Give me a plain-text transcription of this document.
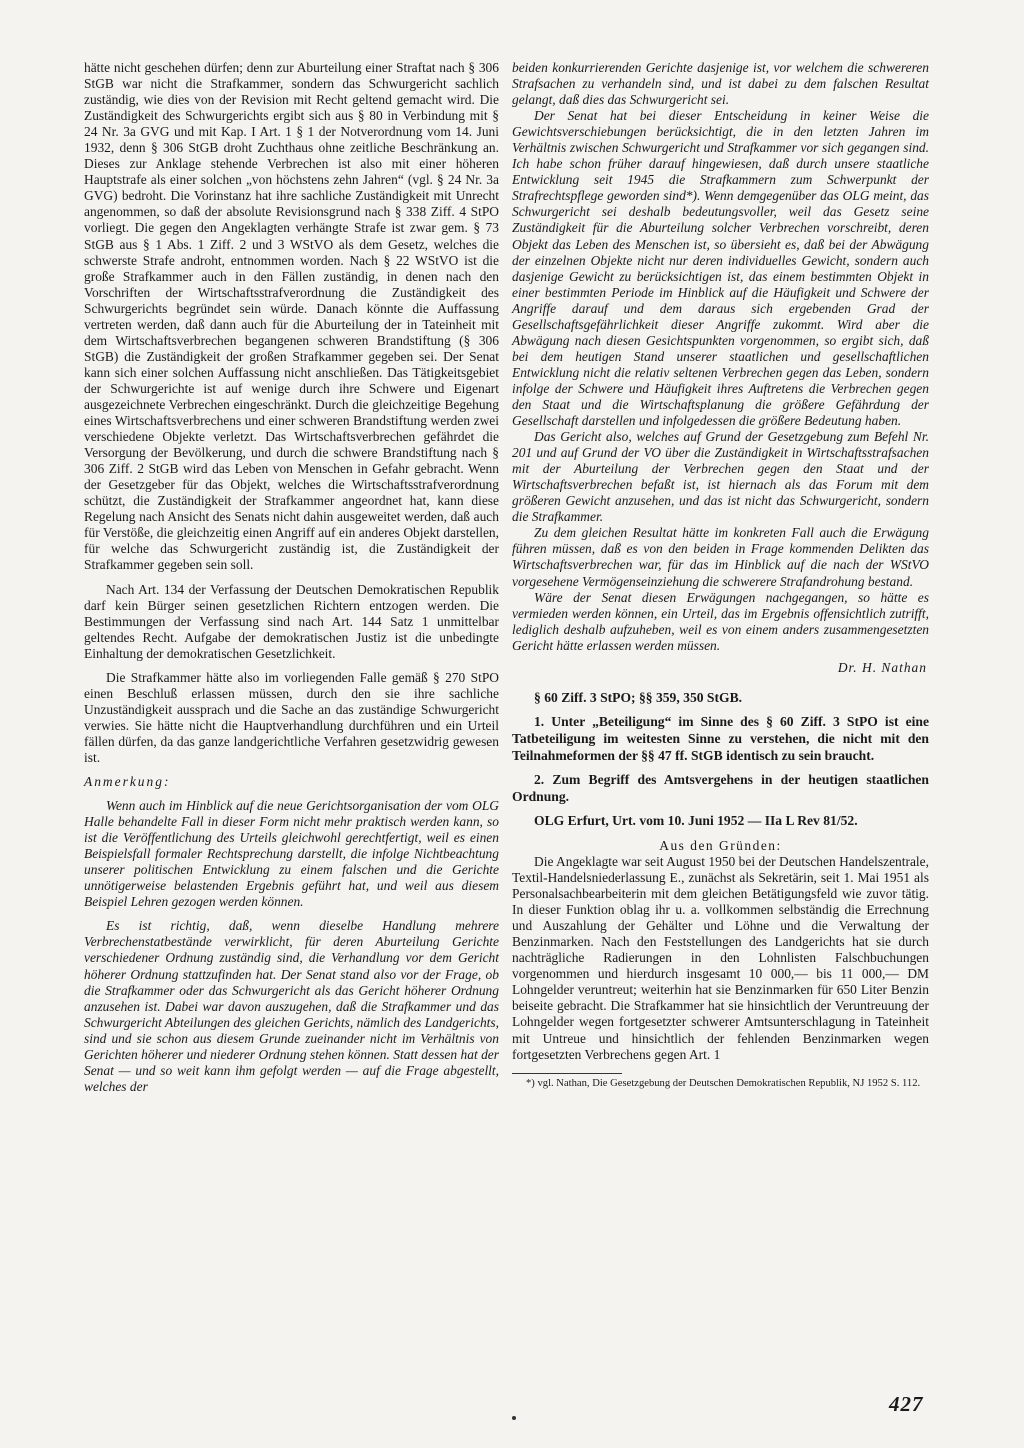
hätte nicht geschehen dürfen; denn zur Aburteilung einer Straftat nach § 306 StGB war nicht die Strafkammer, sondern das Schwurgericht sachlich zuständig, wie dies von der Revision mit Recht geltend gemacht wird. Die Zuständigkeit des Schwurgerichts ergibt sich aus § 80 in Verbindung mit § 24 Nr. 3a GVG und mit Kap. I Art. 1 § 1 der Notverordnung vom 14. Juni 1932, denn § 306 StGB droht Zuchthaus ohne zeitliche Beschränkung an. Dieses zur Anklage stehende Verbrechen ist also mit einer höheren Hauptstrafe als einer solchen „von höchstens zehn Jahren“ (vgl. § 24 Nr. 3a GVG) bedroht. Die Vorinstanz hat ihre sachliche Zuständigkeit mit Unrecht angenommen, so daß der absolute Revisionsgrund nach § 338 Ziff. 4 StPO vorliegt. Die gegen den Angeklagten verhängte Strafe ist zwar gem. § 73 StGB aus § 1 Abs. 1 Ziff. 2 und 3 WStVO als dem Gesetz, welches die schwerste Strafe androht, entnommen worden. Nach § 22 WStVO ist die große Strafkammer auch in den Fällen zuständig, in denen nach den Vorschriften der Wirtschaftsstrafverordnung die Zuständigkeit des Schwurgerichts begründet sein würde. Danach könnte die Auffassung vertreten werden, daß dann auch für die Aburteilung der in Tateinheit mit dem Wirtschaftsverbrechen begangenen schweren Brandstiftung (§ 306 StGB) die Zuständigkeit der großen Strafkammer gegeben sei. Der Senat kann sich einer solchen Auffassung nicht anschließen. Das Tätigkeitsgebiet der Schwurgerichte ist auf wenige durch ihre Schwere und Eigenart ausgezeichnete Verbrechen eingeschränkt. Durch die gleichzeitige Begehung eines Wirtschaftsverbrechens und einer schweren Brandstiftung werden zwei verschiedene Objekte verletzt. Das Wirtschaftsverbrechen gefährdet die Versorgung der Bevölkerung, und durch die schwere Brandstiftung nach § 306 Ziff. 2 StGB wird das Leben von Menschen in Gefahr gebracht. Wenn der Gesetzgeber für das Objekt, welches die Wirtschaftsstrafverordnung schützt, die Zuständigkeit der Strafkammer angeordnet hat, kann diese Regelung nach Ansicht des Senats nicht dahin ausgeweitet werden, daß auch für Verstöße, die gleichzeitig einen Angriff auf ein anderes Objekt darstellen, für welche das Schwurgericht zuständig ist, die Zuständigkeit der Strafkammer gegeben sein soll.

Nach Art. 134 der Verfassung der Deutschen Demokratischen Republik darf kein Bürger seinen gesetzlichen Richtern entzogen werden. Die Bestimmungen der Verfassung sind nach Art. 144 Satz 1 unmittelbar geltendes Recht. Aufgabe der demokratischen Justiz ist die unbedingte Einhaltung der demokratischen Gesetzlichkeit.

Die Strafkammer hätte also im vorliegenden Falle gemäß § 270 StPO einen Beschluß erlassen müssen, durch den sie ihre sachliche Unzuständigkeit aussprach und die Sache an das zuständige Schwurgericht verwies. Sie hätte nicht die Hauptverhandlung durchführen und ein Urteil fällen dürfen, da das ganze landgerichtliche Verfahren gesetzwidrig gewesen ist.

Anmerkung:

Wenn auch im Hinblick auf die neue Gerichtsorganisation der vom OLG Halle behandelte Fall in dieser Form nicht mehr praktisch werden kann, so ist die Veröffentlichung des Urteils gleichwohl gerechtfertigt, weil es einen Beispielsfall formaler Rechtsprechung darstellt, die infolge Nichtbeachtung unserer politischen Entwicklung zu einem falschen und die Gerichte unnötigerweise belastenden Ergebnis geführt hat, und weil aus diesem Beispiel Lehren gezogen werden können.

Es ist richtig, daß, wenn dieselbe Handlung mehrere Verbrechenstatbestände verwirklicht, für deren Aburteilung Gerichte verschiedener Ordnung zuständig sind, die Verhandlung vor dem Gericht höherer Ordnung stattzufinden hat. Der Senat stand also vor der Frage, ob die Strafkammer oder das Schwurgericht als das Gericht höherer Ordnung anzusehen ist. Dabei war davon auszugehen, daß die Strafkammer und das Schwurgericht Abteilungen des gleichen Gerichts, nämlich des Landgerichts, sind und sie schon aus diesem Grunde zueinander nicht im Verhältnis von Gerichten höherer und niederer Ordnung stehen können. Statt dessen hat der Senat — und so weit kann ihm gefolgt werden — auf die Frage abgestellt, welches der

beiden konkurrierenden Gerichte dasjenige ist, vor welchem die schwereren Strafsachen zu verhandeln sind, und ist dabei zu dem falschen Resultat gelangt, daß dies das Schwurgericht sei.

Der Senat hat bei dieser Entscheidung in keiner Weise die Gewichtsverschiebungen berücksichtigt, die in den letzten Jahren im Verhältnis zwischen Schwurgericht und Strafkammer vor sich gegangen sind. Ich habe schon früher darauf hingewiesen, daß durch unsere staatliche Entwicklung seit 1945 die Strafkammern zum Schwerpunkt der Strafrechtspflege geworden sind*). Wenn demgegenüber das OLG meint, das Schwurgericht sei deshalb bedeutungsvoller, weil das Gesetz seine Zuständigkeit für die Aburteilung solcher Verbrechen vorschreibt, deren Objekt das Leben des Menschen ist, so übersieht es, daß bei der Abwägung der einzelnen Objekte nicht nur deren individuelles Gewicht, sondern auch dasjenige Gewicht zu berücksichtigen ist, das einem bestimmten Objekt in einer bestimmten Periode im Hinblick auf die Häufigkeit und Schwere der Angriffe darauf und dem daraus sich ergebenden Grad der Gesellschaftsgefährlichkeit dieser Angriffe zukommt. Wird aber die Abwägung nach diesen Gesichtspunkten vorgenommen, so ergibt sich, daß bei dem heutigen Stand unserer staatlichen und gesellschaftlichen Entwicklung nicht die relativ seltenen Verbrechen gegen das Leben, sondern infolge der Schwere und Häufigkeit ihres Auftretens die Verbrechen gegen den Staat und die Wirtschaftsplanung die größere Gefährdung der Gesellschaft darstellen und infolgedessen die größere Bedeutung haben.

Das Gericht also, welches auf Grund der Gesetzgebung zum Befehl Nr. 201 und auf Grund der VO über die Zuständigkeit in Wirtschaftsstrafsachen mit der Aburteilung der Verbrechen gegen den Staat und der Wirtschaftsverbrechen befaßt ist, ist hiernach als das Forum mit dem größeren Gewicht anzusehen, und das ist nicht das Schwurgericht, sondern die Strafkammer.

Zu dem gleichen Resultat hätte im konkreten Fall auch die Erwägung führen müssen, daß es von den beiden in Frage kommenden Delikten das Wirtschaftsverbrechen war, für das im Hinblick auf die nach der WStVO vorgesehene Vermögenseinziehung die schwerere Strafandrohung bestand.

Wäre der Senat diesen Erwägungen nachgegangen, so hätte es vermieden werden können, ein Urteil, das im Ergebnis offensichtlich zutrifft, lediglich deshalb aufzuheben, weil es von einem anders zusammengesetzten Gericht hätte erlassen werden müssen.

Dr. H. Nathan

§ 60 Ziff. 3 StPO; §§ 359, 350 StGB.

1. Unter „Beteiligung“ im Sinne des § 60 Ziff. 3 StPO ist eine Tatbeteiligung im weitesten Sinne zu verstehen, die nicht mit den Teilnahmeformen der §§ 47 ff. StGB identisch zu sein braucht.

2. Zum Begriff des Amtsvergehens in der heutigen staatlichen Ordnung.

OLG Erfurt, Urt. vom 10. Juni 1952 — IIa L Rev 81/52.

Aus den Gründen:

Die Angeklagte war seit August 1950 bei der Deutschen Handelszentrale, Textil-Handelsniederlassung E., zunächst als Sekretärin, seit 1. Mai 1951 als Personalsachbearbeiterin mit dem gleichen Betätigungsfeld wie zuvor tätig. In dieser Funktion oblag ihr u. a. vollkommen selbständig die Errechnung und Auszahlung der Gehälter und Löhne und die Verwaltung der Benzinmarken. Nach den Feststellungen des Landgerichts hat sie durch nachträgliche Radierungen in den Lohnlisten Falschbuchungen vorgenommen und hierdurch insgesamt 10 000,— bis 11 000,— DM Lohngelder veruntreut; weiterhin hat sie Benzinmarken für 650 Liter Benzin beiseite gebracht. Die Strafkammer hat sie hinsichtlich der Veruntreuung der Lohngelder wegen fortgesetzter schwerer Amtsunterschlagung in Tateinheit mit Untreue und hinsichtlich der fehlenden Benzinmarken wegen fortgesetzten Verbrechens gegen Art. 1

*) vgl. Nathan, Die Gesetzgebung der Deutschen Demokratischen Republik, NJ 1952 S. 112.

427
